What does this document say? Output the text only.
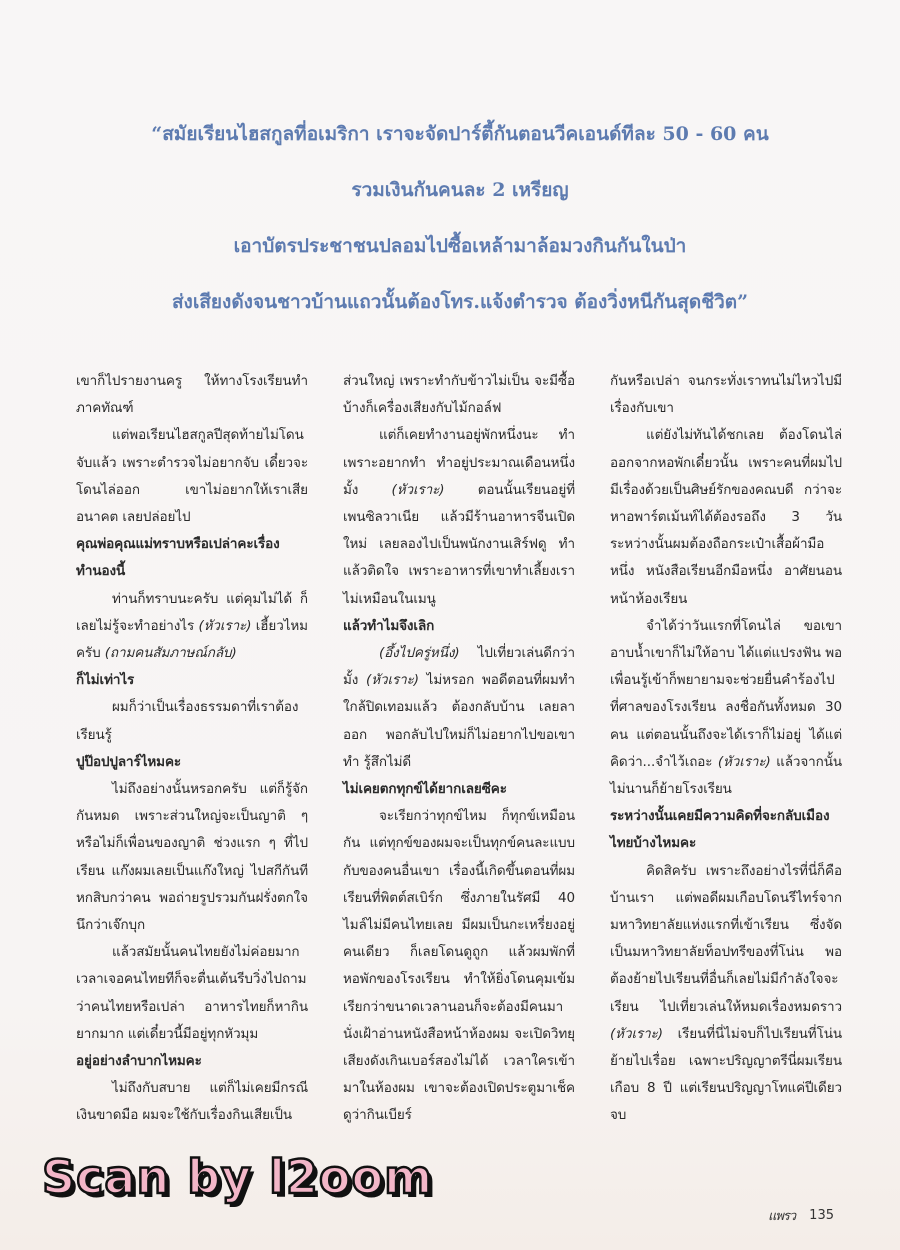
“สมัยเรียนไฮสกูลที่อเมริกา เราจะจัดปาร์ตี้กันตอนวีคเอนด์ทีละ 50 - 60 คน
รวมเงินกันคนละ 2 เหรียญ
เอาบัตรประชาชนปลอมไปซื้อเหล้ามาล้อมวงกินกันในป่า
ส่งเสียงดังจนชาวบ้านแถวนั้นต้องโทร.แจ้งตำรวจ ต้องวิ่งหนีกันสุดชีวิต”

เขาก็ไปรายงานครู ให้ทางโรงเรียนทำภาคทัณฑ์

แต่พอเรียนไฮสกูลปีสุดท้ายไม่โดนจับแล้ว เพราะตำรวจไม่อยากจับ เดี๋ยวจะโดนไล่ออก เขาไม่อยากให้เราเสียอนาคต เลยปล่อยไป

คุณพ่อคุณแม่ทราบหรือเปล่าคะเรื่องทำนองนี้

ท่านก็ทราบนะครับ แต่คุมไม่ได้ ก็เลยไม่รู้จะทำอย่างไร (หัวเราะ) เฮี้ยวไหมครับ (ถามคนสัมภาษณ์กลับ)

ก็ไม่เท่าไร

ผมก็ว่าเป็นเรื่องธรรมดาที่เราต้องเรียนรู้

ปูป๊อปปูลาร์ไหมคะ

ไม่ถึงอย่างนั้นหรอกครับ แต่ก็รู้จักกันหมด เพราะส่วนใหญ่จะเป็นญาติ ๆ หรือไม่ก็เพื่อนของญาติ ช่วงแรก ๆ ที่ไปเรียน แก๊งผมเลยเป็นแก๊งใหญ่ ไปสกีกันทีหกสิบกว่าคน พอถ่ายรูปรวมกันฝรั่งตกใจนึกว่าเจ๊กบุก

แล้วสมัยนั้นคนไทยยังไม่ค่อยมาก เวลาเจอคนไทยทีก็จะตื่นเต้นรีบวิ่งไปถามว่าคนไทยหรือเปล่า อาหารไทยก็หากินยากมาก แต่เดี๋ยวนี้มีอยู่ทุกหัวมุม

อยู่อย่างลำบากไหมคะ

ไม่ถึงกับสบาย แต่ก็ไม่เคยมีกรณีเงินขาดมือ ผมจะใช้กับเรื่องกินเสียเป็น

ส่วนใหญ่ เพราะทำกับข้าวไม่เป็น จะมีซื้อบ้างก็เครื่องเสียงกับไม้กอล์ฟ

แต่ก็เคยทำงานอยู่พักหนึ่งนะ ทำเพราะอยากทำ ทำอยู่ประมาณเดือนหนึ่งมั้ง (หัวเราะ) ตอนนั้นเรียนอยู่ที่เพนซิลวาเนีย แล้วมีร้านอาหารจีนเปิดใหม่ เลยลองไปเป็นพนักงานเสิร์ฟดู ทำแล้วติดใจ เพราะอาหารที่เขาทำเลี้ยงเราไม่เหมือนในเมนู

แล้วทำไมจึงเลิก

(อึ้งไปครู่หนึ่ง) ไปเที่ยวเล่นดีกว่ามั้ง (หัวเราะ) ไม่หรอก พอดีตอนที่ผมทำใกล้ปิดเทอมแล้ว ต้องกลับบ้าน เลยลาออก พอกลับไปใหม่ก็ไม่อยากไปขอเขาทำ รู้สึกไม่ดี

ไม่เคยตกทุกข์ได้ยากเลยซีคะ

จะเรียกว่าทุกข์ไหม ก็ทุกข์เหมือนกัน แต่ทุกข์ของผมจะเป็นทุกข์คนละแบบกับของคนอื่นเขา เรื่องนี้เกิดขึ้นตอนที่ผมเรียนที่พิตต์สเบิร์ก ซึ่งภายในรัศมี 40 ไมล์ไม่มีคนไทยเลย มีผมเป็นกะเหรี่ยงอยู่คนเดียว ก็เลยโดนดูถูก แล้วผมพักที่หอพักของโรงเรียน ทำให้ยิ่งโดนคุมเข้ม เรียกว่าขนาดเวลานอนก็จะต้องมีคนมานั่งเฝ้าอ่านหนังสือหน้าห้องผม จะเปิดวิทยุเสียงดังเกินเบอร์สองไม่ได้ เวลาใครเข้ามาในห้องผม เขาจะต้องเปิดประตูมาเช็คดูว่ากินเบียร์

กันหรือเปล่า จนกระทั่งเราทนไม่ไหวไปมีเรื่องกับเขา

แต่ยังไม่ทันได้ชกเลย ต้องโดนไล่ออกจากหอพักเดี๋ยวนั้น เพราะคนที่ผมไปมีเรื่องด้วยเป็นศิษย์รักของคณบดี กว่าจะหาอพาร์ตเม้นท์ได้ต้องรอถึง 3 วัน ระหว่างนั้นผมต้องถือกระเป๋าเสื้อผ้ามือหนึ่ง หนังสือเรียนอีกมือหนึ่ง อาศัยนอนหน้าห้องเรียน

จำได้ว่าวันแรกที่โดนไล่ ขอเขาอาบน้ำเขาก็ไม่ให้อาบ ได้แต่แปรงฟัน พอเพื่อนรู้เข้าก็พยายามจะช่วยยื่นคำร้องไปที่ศาลของโรงเรียน ลงชื่อกันทั้งหมด 30 คน แต่ตอนนั้นถึงจะได้เราก็ไม่อยู่ ได้แต่คิดว่า...จำไว้เถอะ (หัวเราะ) แล้วจากนั้นไม่นานก็ย้ายโรงเรียน

ระหว่างนั้นเคยมีความคิดที่จะกลับเมืองไทยบ้างไหมคะ

คิดสิครับ เพราะถึงอย่างไรที่นี่ก็คือบ้านเรา แต่พอดีผมเกือบโดนรีไทร์จากมหาวิทยาลัยแห่งแรกที่เข้าเรียน ซึ่งจัดเป็นมหาวิทยาลัยท็อปทรีของที่โน่น พอต้องย้ายไปเรียนที่อื่นก็เลยไม่มีกำลังใจจะเรียน ไปเที่ยวเล่นให้หมดเรื่องหมดราว (หัวเราะ) เรียนที่นี่ไม่จบก็ไปเรียนที่โน่น ย้ายไปเรื่อย เฉพาะปริญญาตรีนี่ผมเรียนเกือบ 8 ปี แต่เรียนปริญญาโทแค่ปีเดียวจบ

Scan by l2oom
แพรว 135
